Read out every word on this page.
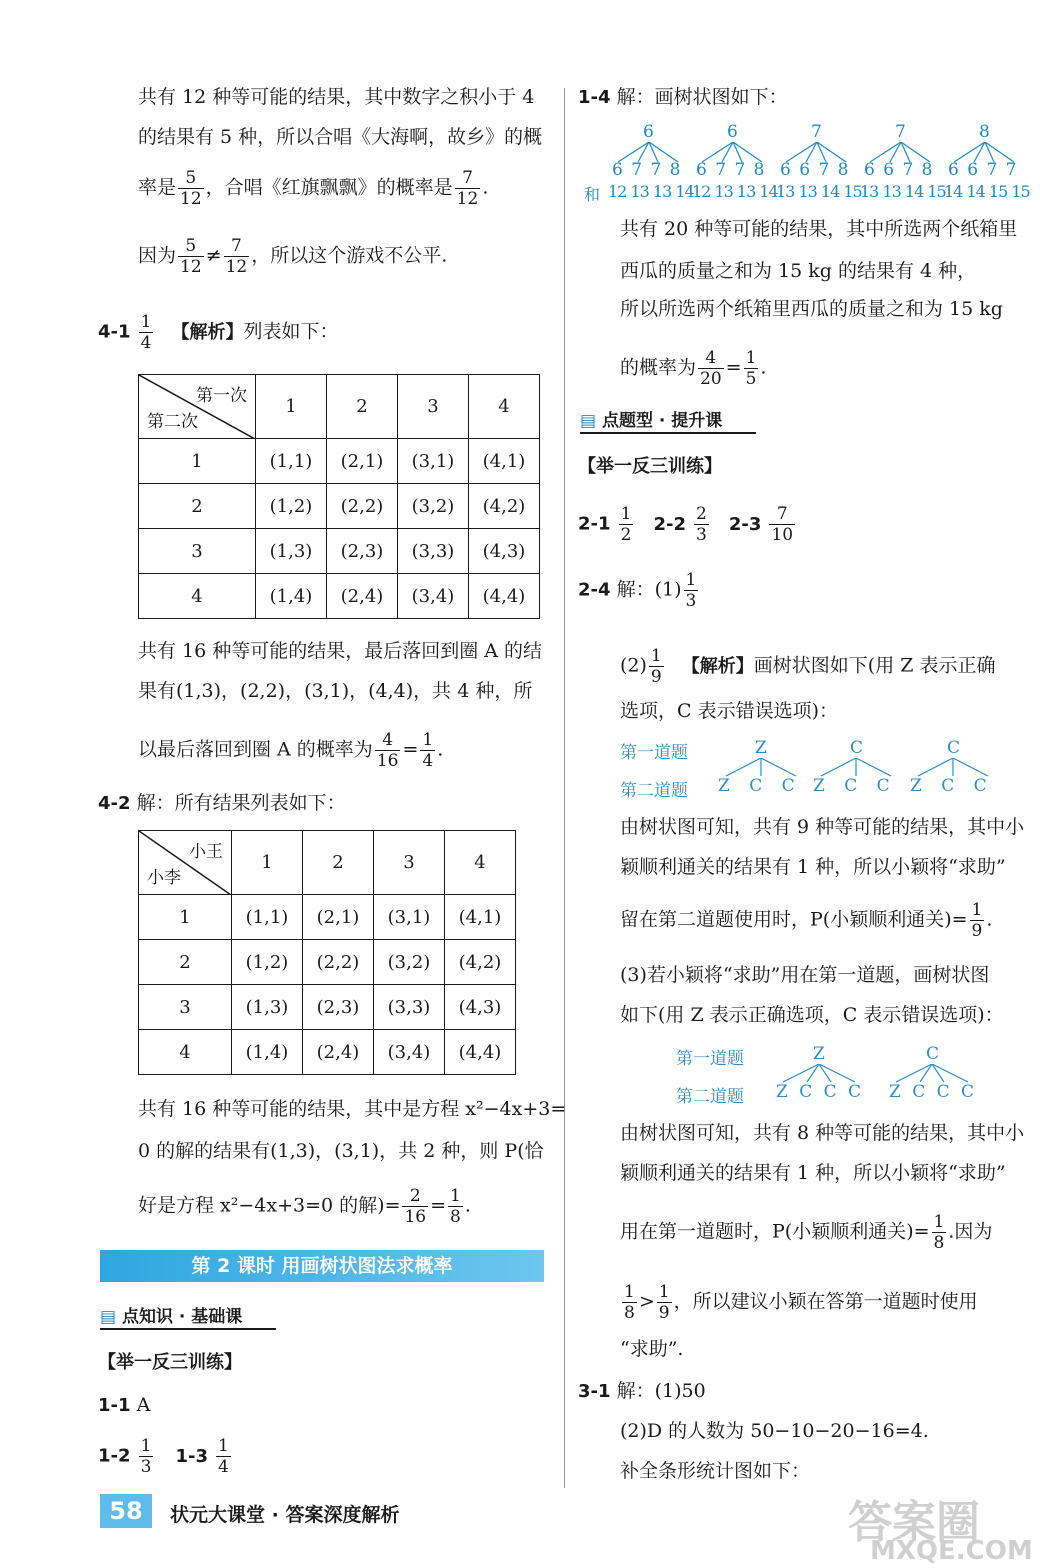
共有 12 种等可能的结果，其中数字之积小于 4
的结果有 5 种，所以合唱《大海啊，故乡》的概
率是 $\frac{5}{12}$ ，合唱《红旗飘飘》的概率是 $\frac{7}{12}$ .
因为 $\frac{5}{12} \ne \frac{7}{12}$ ，所以这个游戏不公平.
$4-1 \frac{1}{4}$ 【解析】列表如下：
第一次
第二次	1	2	3	4
1	(1,1)	(2,1)	(3,1)	(4,1)
2	(1,2)	(2,2)	(3,2)	(4,2)
3	(1,3)	(2,3)	(3,3)	(4,3)
4	(1,4)	(2,4)	(3,4)	(4,4)
共有 16 种等可能的结果，最后落回到圈 A 的结
果有(1,3)，(2,2)，(3,1)，(4,4)，共 4 种，所
以最后落回到圈 A 的概率为 $\frac{4}{16} = \frac{1}{4}$ .
4-2 解：所有结果列表如下：
小王
小李	1	2	3	4
1	(1,1)	(2,1)	(3,1)	(4,1)
2	(1,2)	(2,2)	(3,2)	(4,2)
3	(1,3)	(2,3)	(3,3)	(4,3)
4	(1,4)	(2,4)	(3,4)	(4,4)
共有 16 种等可能的结果，其中是方程 x²−4x+3=
0 的解的结果有(1,3)，(3,1)，共 2 种，则 P(恰
好是方程 x²−4x+3=0 的解)= $\frac{2}{16} = \frac{1}{8}$ .
第 2 课时 用画树状图法求概率
▤ 点知识 · 基础课
【举一反三训练】
1-1 A
$1-2 \frac{1}{3} 1-3 \frac{1}{4}$
58	状元大课堂 · 答案深度解析
1-4 解：画树状图如下：
6	6	7	7	8
6 7 7 8 6 7 7 8 6 6 7 8 6 6 7 8 6 6 7 7
和 12 13 13 14
12 13 13 14
13 13 14 15
13 13 14 15
14 14 15 15
共有 20 种等可能的结果，其中所选两个纸箱里
西瓜的质量之和为 15 kg 的结果有 4 种，
所以所选两个纸箱里西瓜的质量之和为 15 kg
的概率为 $\frac{4}{20} = \frac{1}{5}$ .
▤ 点题型 · 提升课
【举一反三训练】
$2-1 \frac{1}{2} 2-2 \frac{2}{3} 2-3 \frac{7}{10}$
2-4 解：$(1) \frac{1}{3}$
$(2) \frac{1}{9}$ 【解析】画树状图如下(用 Z 表示正确
选项，C 表示错误选项)：
第一道题
第二道题
Z	C	C
Z C C Z C C Z C C
由树状图可知，共有 9 种等可能的结果，其中小
颖顺利通关的结果有 1 种，所以小颖将“求助”
留在第二道题使用时，P(小颖顺利通关)= $\frac{1}{9}$ .
(3)若小颖将“求助”用在第一道题，画树状图
如下(用 Z 表示正确选项，C 表示错误选项)：
第一道题
第二道题
Z	C
Z C C C Z C C C
由树状图可知，共有 8 种等可能的结果，其中小
颖顺利通关的结果有 1 种，所以小颖将“求助”
用在第一道题时，P(小颖顺利通关)= $\frac{1}{8}$ .因为
$\frac{1}{8} > \frac{1}{9}$ ，所以建议小颖在答第一道题时使用
“求助”.
3-1 解：(1)50
(2)D 的人数为 50−10−20−16=4.
补全条形统计图如下：
答案圈
MXQE.COM
